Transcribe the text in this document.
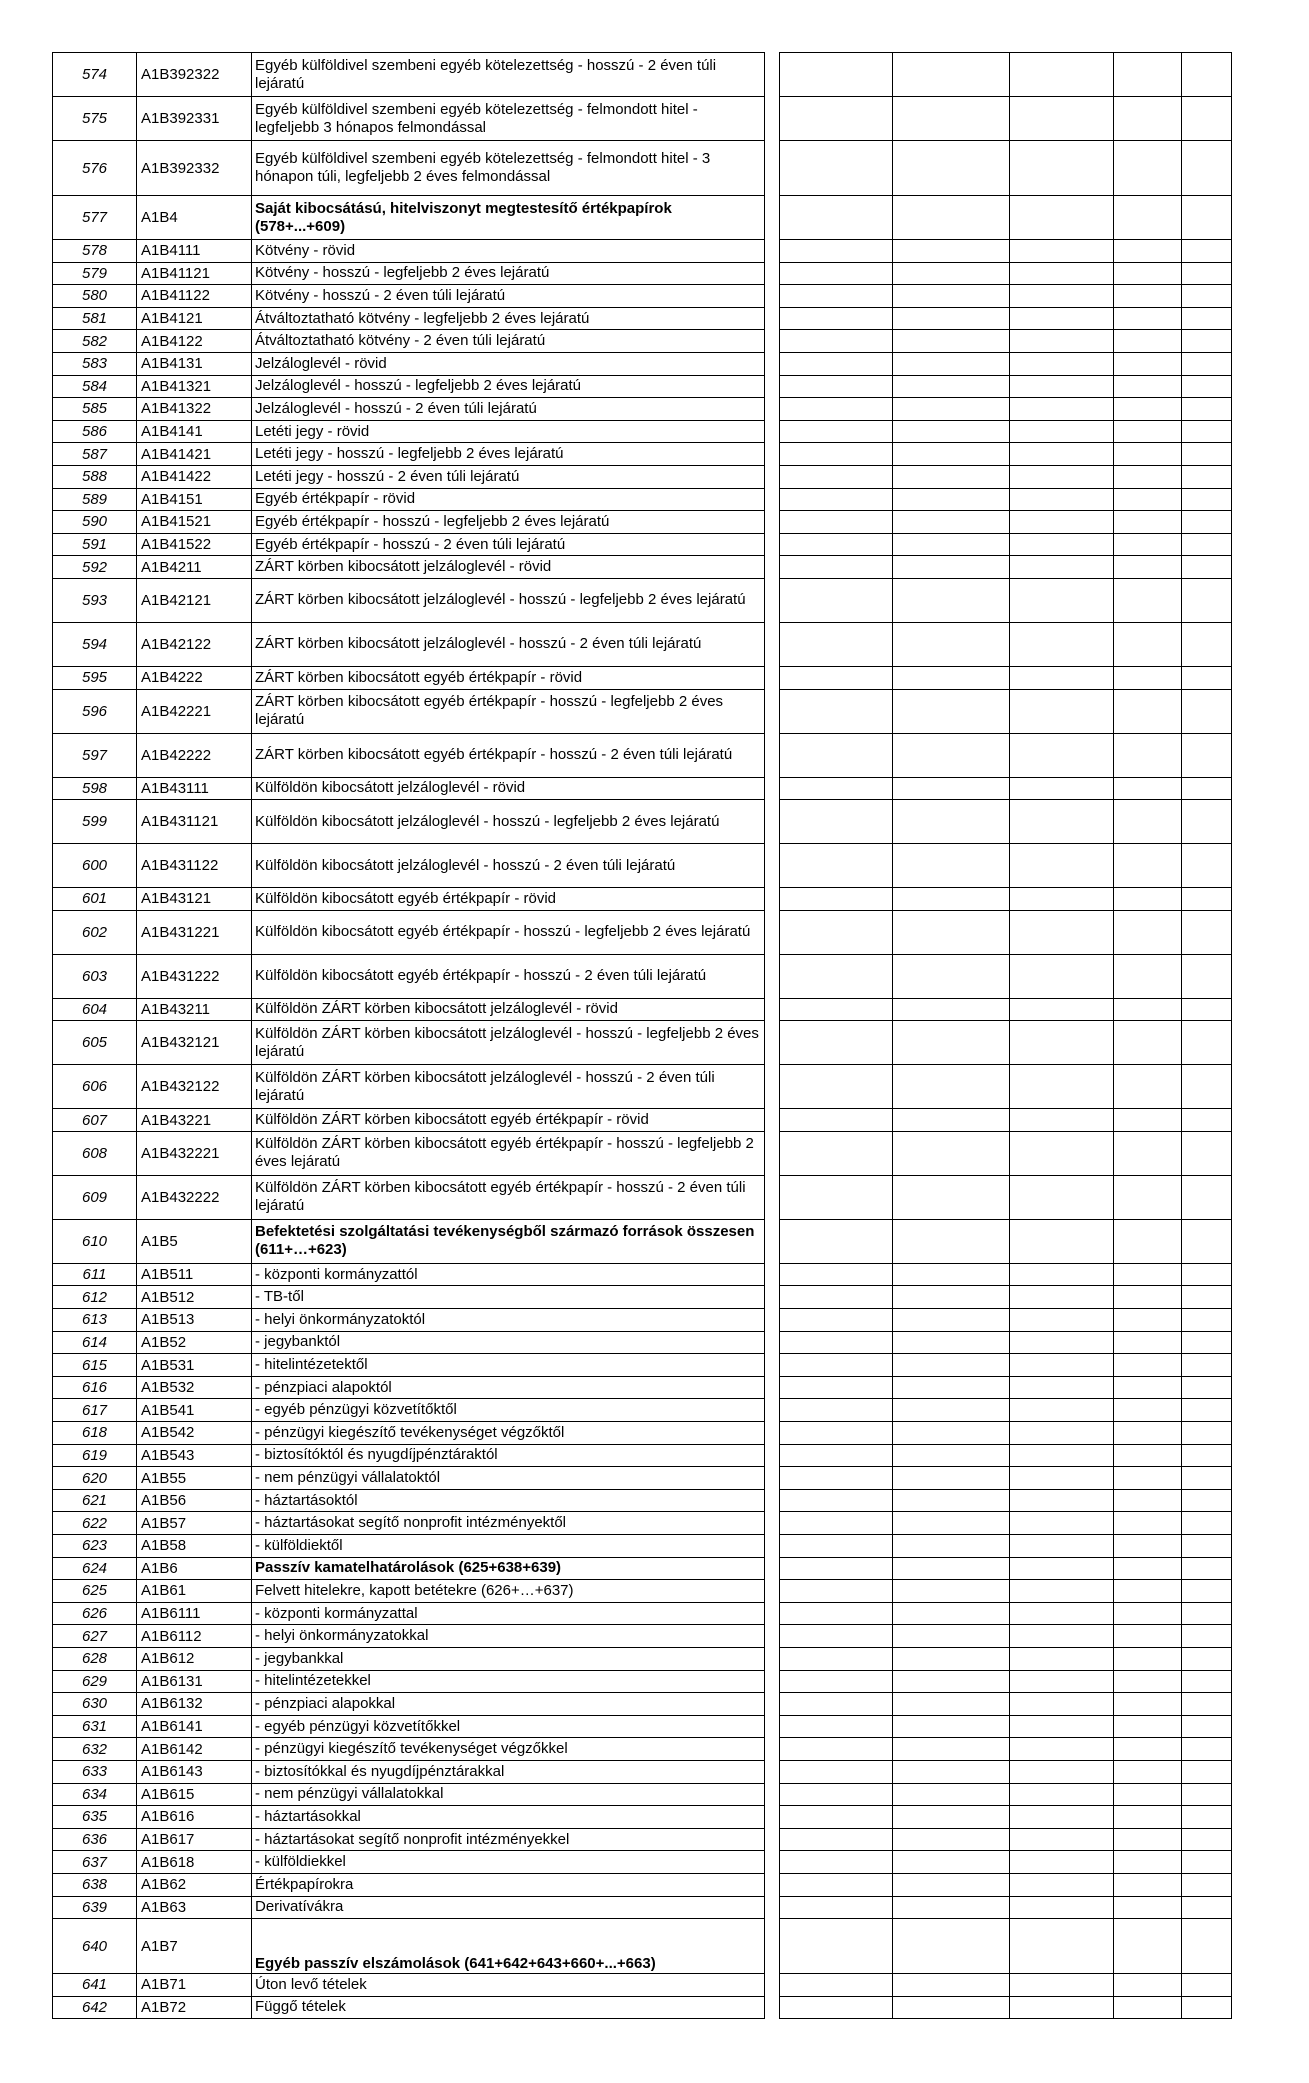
574	A1B392322	Egyéb külföldivel szembeni egyéb kötelezettség - hosszú - 2 éven túli lejáratú						
575	A1B392331	Egyéb külföldivel szembeni egyéb kötelezettség - felmondott hitel - legfeljebb 3 hónapos felmondással						
576	A1B392332	Egyéb külföldivel szembeni egyéb kötelezettség - felmondott hitel - 3 hónapon túli, legfeljebb 2 éves felmondással						
577	A1B4	Saját kibocsátású, hitelviszonyt megtestesítő értékpapírok (578+...+609)						
578	A1B4111	Kötvény - rövid						
579	A1B41121	Kötvény - hosszú - legfeljebb 2 éves lejáratú						
580	A1B41122	Kötvény - hosszú - 2 éven túli lejáratú						
581	A1B4121	Átváltoztatható kötvény - legfeljebb 2 éves lejáratú						
582	A1B4122	Átváltoztatható kötvény - 2 éven túli lejáratú						
583	A1B4131	Jelzáloglevél - rövid						
584	A1B41321	Jelzáloglevél - hosszú - legfeljebb 2 éves lejáratú						
585	A1B41322	Jelzáloglevél - hosszú - 2 éven túli lejáratú						
586	A1B4141	Letéti jegy - rövid						
587	A1B41421	Letéti jegy - hosszú - legfeljebb 2 éves lejáratú						
588	A1B41422	Letéti jegy - hosszú - 2 éven túli lejáratú						
589	A1B4151	Egyéb értékpapír - rövid						
590	A1B41521	Egyéb értékpapír - hosszú - legfeljebb 2 éves lejáratú						
591	A1B41522	Egyéb értékpapír - hosszú - 2 éven túli lejáratú						
592	A1B4211	ZÁRT körben kibocsátott jelzáloglevél - rövid						
593	A1B42121	ZÁRT körben kibocsátott jelzáloglevél - hosszú - legfeljebb 2 éves lejáratú						
594	A1B42122	ZÁRT körben kibocsátott jelzáloglevél - hosszú - 2 éven túli lejáratú						
595	A1B4222	ZÁRT körben kibocsátott egyéb értékpapír - rövid						
596	A1B42221	ZÁRT körben kibocsátott egyéb értékpapír - hosszú - legfeljebb 2 éves lejáratú						
597	A1B42222	ZÁRT körben kibocsátott egyéb értékpapír - hosszú - 2 éven túli lejáratú						
598	A1B43111	Külföldön kibocsátott jelzáloglevél - rövid						
599	A1B431121	Külföldön kibocsátott jelzáloglevél - hosszú - legfeljebb 2 éves lejáratú						
600	A1B431122	Külföldön kibocsátott jelzáloglevél - hosszú - 2 éven túli lejáratú						
601	A1B43121	Külföldön kibocsátott egyéb értékpapír - rövid						
602	A1B431221	Külföldön kibocsátott egyéb értékpapír - hosszú - legfeljebb 2 éves lejáratú						
603	A1B431222	Külföldön kibocsátott egyéb értékpapír - hosszú - 2 éven túli lejáratú						
604	A1B43211	Külföldön ZÁRT körben kibocsátott jelzáloglevél - rövid						
605	A1B432121	Külföldön ZÁRT körben kibocsátott jelzáloglevél - hosszú - legfeljebb 2 éves lejáratú						
606	A1B432122	Külföldön ZÁRT körben kibocsátott jelzáloglevél - hosszú - 2 éven túli lejáratú						
607	A1B43221	Külföldön ZÁRT körben kibocsátott egyéb értékpapír - rövid						
608	A1B432221	Külföldön ZÁRT körben kibocsátott egyéb értékpapír - hosszú - legfeljebb 2 éves lejáratú						
609	A1B432222	Külföldön ZÁRT körben kibocsátott egyéb értékpapír - hosszú - 2 éven túli lejáratú						
610	A1B5	Befektetési szolgáltatási tevékenységből származó források összesen (611+…+623)						
611	A1B511	- központi kormányzattól						
612	A1B512	- TB-től						
613	A1B513	- helyi önkormányzatoktól						
614	A1B52	- jegybanktól						
615	A1B531	- hitelintézetektől						
616	A1B532	- pénzpiaci alapoktól						
617	A1B541	- egyéb pénzügyi közvetítőktől						
618	A1B542	- pénzügyi kiegészítő tevékenységet végzőktől						
619	A1B543	- biztosítóktól és nyugdíjpénztáraktól						
620	A1B55	- nem pénzügyi vállalatoktól						
621	A1B56	- háztartásoktól						
622	A1B57	- háztartásokat segítő nonprofit intézményektől						
623	A1B58	- külföldiektől						
624	A1B6	Passzív kamatelhatárolások (625+638+639)						
625	A1B61	Felvett hitelekre, kapott betétekre (626+…+637)						
626	A1B6111	- központi kormányzattal						
627	A1B6112	- helyi önkormányzatokkal						
628	A1B612	- jegybankkal						
629	A1B6131	- hitelintézetekkel						
630	A1B6132	- pénzpiaci alapokkal						
631	A1B6141	- egyéb pénzügyi közvetítőkkel						
632	A1B6142	- pénzügyi kiegészítő tevékenységet végzőkkel						
633	A1B6143	- biztosítókkal és nyugdíjpénztárakkal						
634	A1B615	- nem pénzügyi vállalatokkal						
635	A1B616	- háztartásokkal						
636	A1B617	- háztartásokat segítő nonprofit intézményekkel						
637	A1B618	- külföldiekkel						
638	A1B62	Értékpapírokra						
639	A1B63	Derivatívákra						
640	A1B7	Egyéb passzív elszámolások (641+642+643+660+...+663)						
641	A1B71	Úton levő tételek						
642	A1B72	Függő tételek						
